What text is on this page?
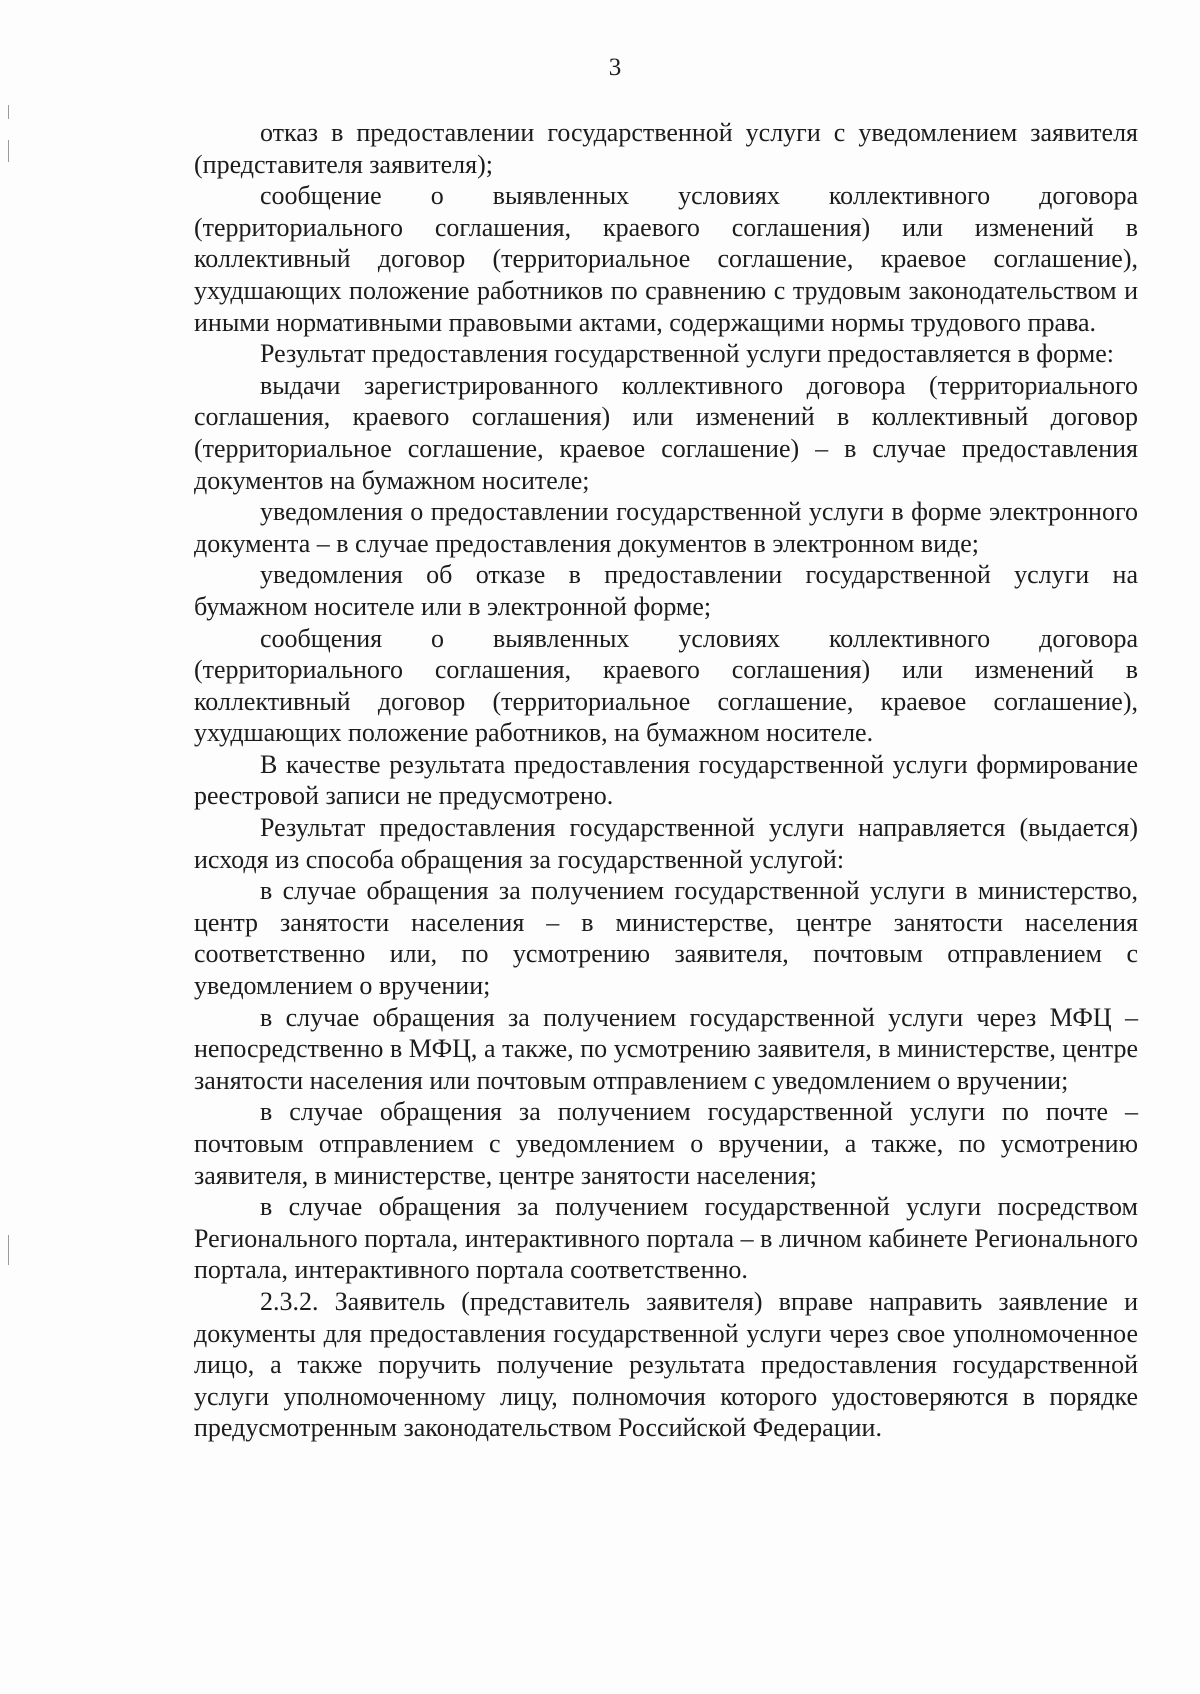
3

отказ в предоставлении государственной услуги с уведомлением заявителя (представителя заявителя);

сообщение о выявленных условиях коллективного договора (территориального соглашения, краевого соглашения) или изменений в коллективный договор (территориальное соглашение, краевое соглашение), ухудшающих положение работников по сравнению с трудовым законодательством и иными нормативными правовыми актами, содержащими нормы трудового права.

Результат предоставления государственной услуги предоставляется в форме:

выдачи зарегистрированного коллективного договора (территориального соглашения, краевого соглашения) или изменений в коллективный договор (территориальное соглашение, краевое соглашение) – в случае предоставления документов на бумажном носителе;

уведомления о предоставлении государственной услуги в форме электронного документа – в случае предоставления документов в электронном виде;

уведомления об отказе в предоставлении государственной услуги на бумажном носителе или в электронной форме;

сообщения о выявленных условиях коллективного договора (территориального соглашения, краевого соглашения) или изменений в коллективный договор (территориальное соглашение, краевое соглашение), ухудшающих положение работников, на бумажном носителе.

В качестве результата предоставления государственной услуги формирование реестровой записи не предусмотрено.

Результат предоставления государственной услуги направляется (выдается) исходя из способа обращения за государственной услугой:

в случае обращения за получением государственной услуги в министерство, центр занятости населения – в министерстве, центре занятости населения соответственно или, по усмотрению заявителя, почтовым отправлением с уведомлением о вручении;

в случае обращения за получением государственной услуги через МФЦ – непосредственно в МФЦ, а также, по усмотрению заявителя, в министерстве, центре занятости населения или почтовым отправлением с уведомлением о вручении;

в случае обращения за получением государственной услуги по почте – почтовым отправлением с уведомлением о вручении, а также, по усмотрению заявителя, в министерстве, центре занятости населения;

в случае обращения за получением государственной услуги посредством Регионального портала, интерактивного портала – в личном кабинете Регионального портала, интерактивного портала соответственно.

2.3.2. Заявитель (представитель заявителя) вправе направить заявление и документы для предоставления государственной услуги через свое уполномоченное лицо, а также поручить получение результата предоставления государственной услуги уполномоченному лицу, полномочия которого удостоверяются в порядке предусмотренным законодательством Российской Федерации.
